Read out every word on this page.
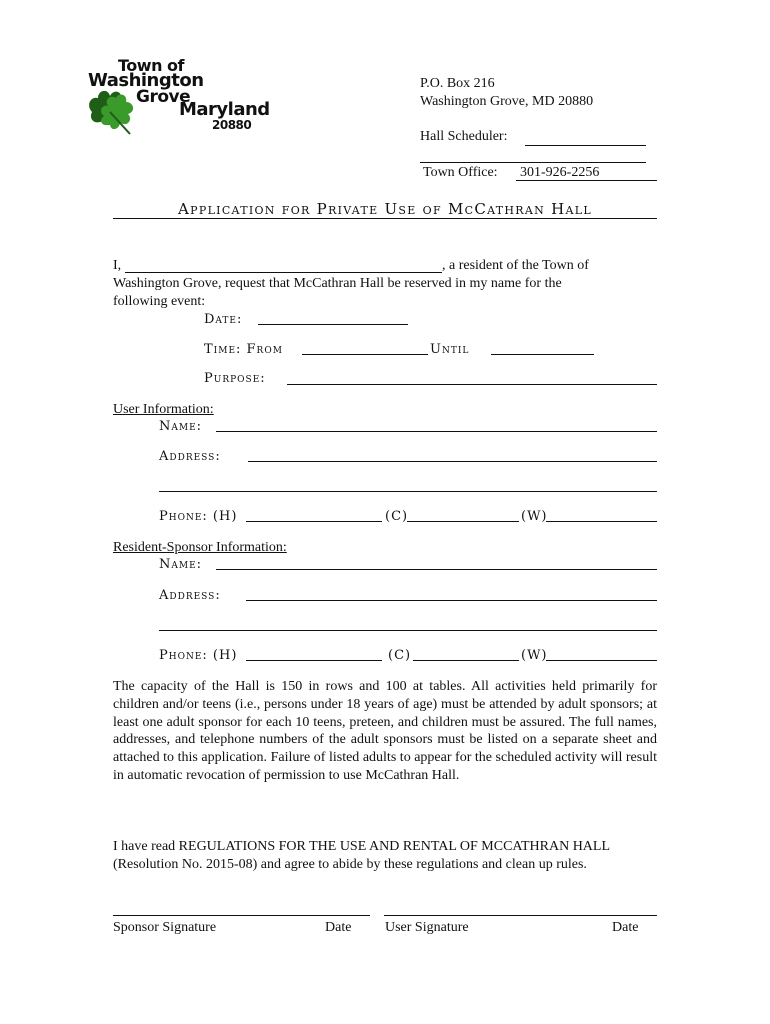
Town of
Washington
Grove
Maryland
20880
P.O. Box 216
Washington Grove, MD 20880
Hall Scheduler:
Town Office: 301-926-2256
Application for Private Use of McCathran Hall
I,	, a resident of the Town of
Washington Grove, request that McCathran Hall be reserved in my name for the
following event:
Date:
Time: From	Until
Purpose:
User Information:
Name:
Address:
Phone: (H)	(C)	(W)
Resident-Sponsor Information:
Name:
Address:
Phone: (H)	(C)	(W)

The capacity of the Hall is 150 in rows and 100 at tables. All activities held primarily for children and/or teens (i.e., persons under 18 years of age) must be attended by adult sponsors; at least one adult sponsor for each 10 teens, preteen, and children must be assured. The full names, addresses, and telephone numbers of the adult sponsors must be listed on a separate sheet and attached to this application. Failure of listed adults to appear for the scheduled activity will result in automatic revocation of permission to use McCathran Hall.

I have read REGULATIONS FOR THE USE AND RENTAL OF MCCATHRAN HALL (Resolution No. 2015-08) and agree to abide by these regulations and clean up rules.

Sponsor Signature	Date User Signature	Date
